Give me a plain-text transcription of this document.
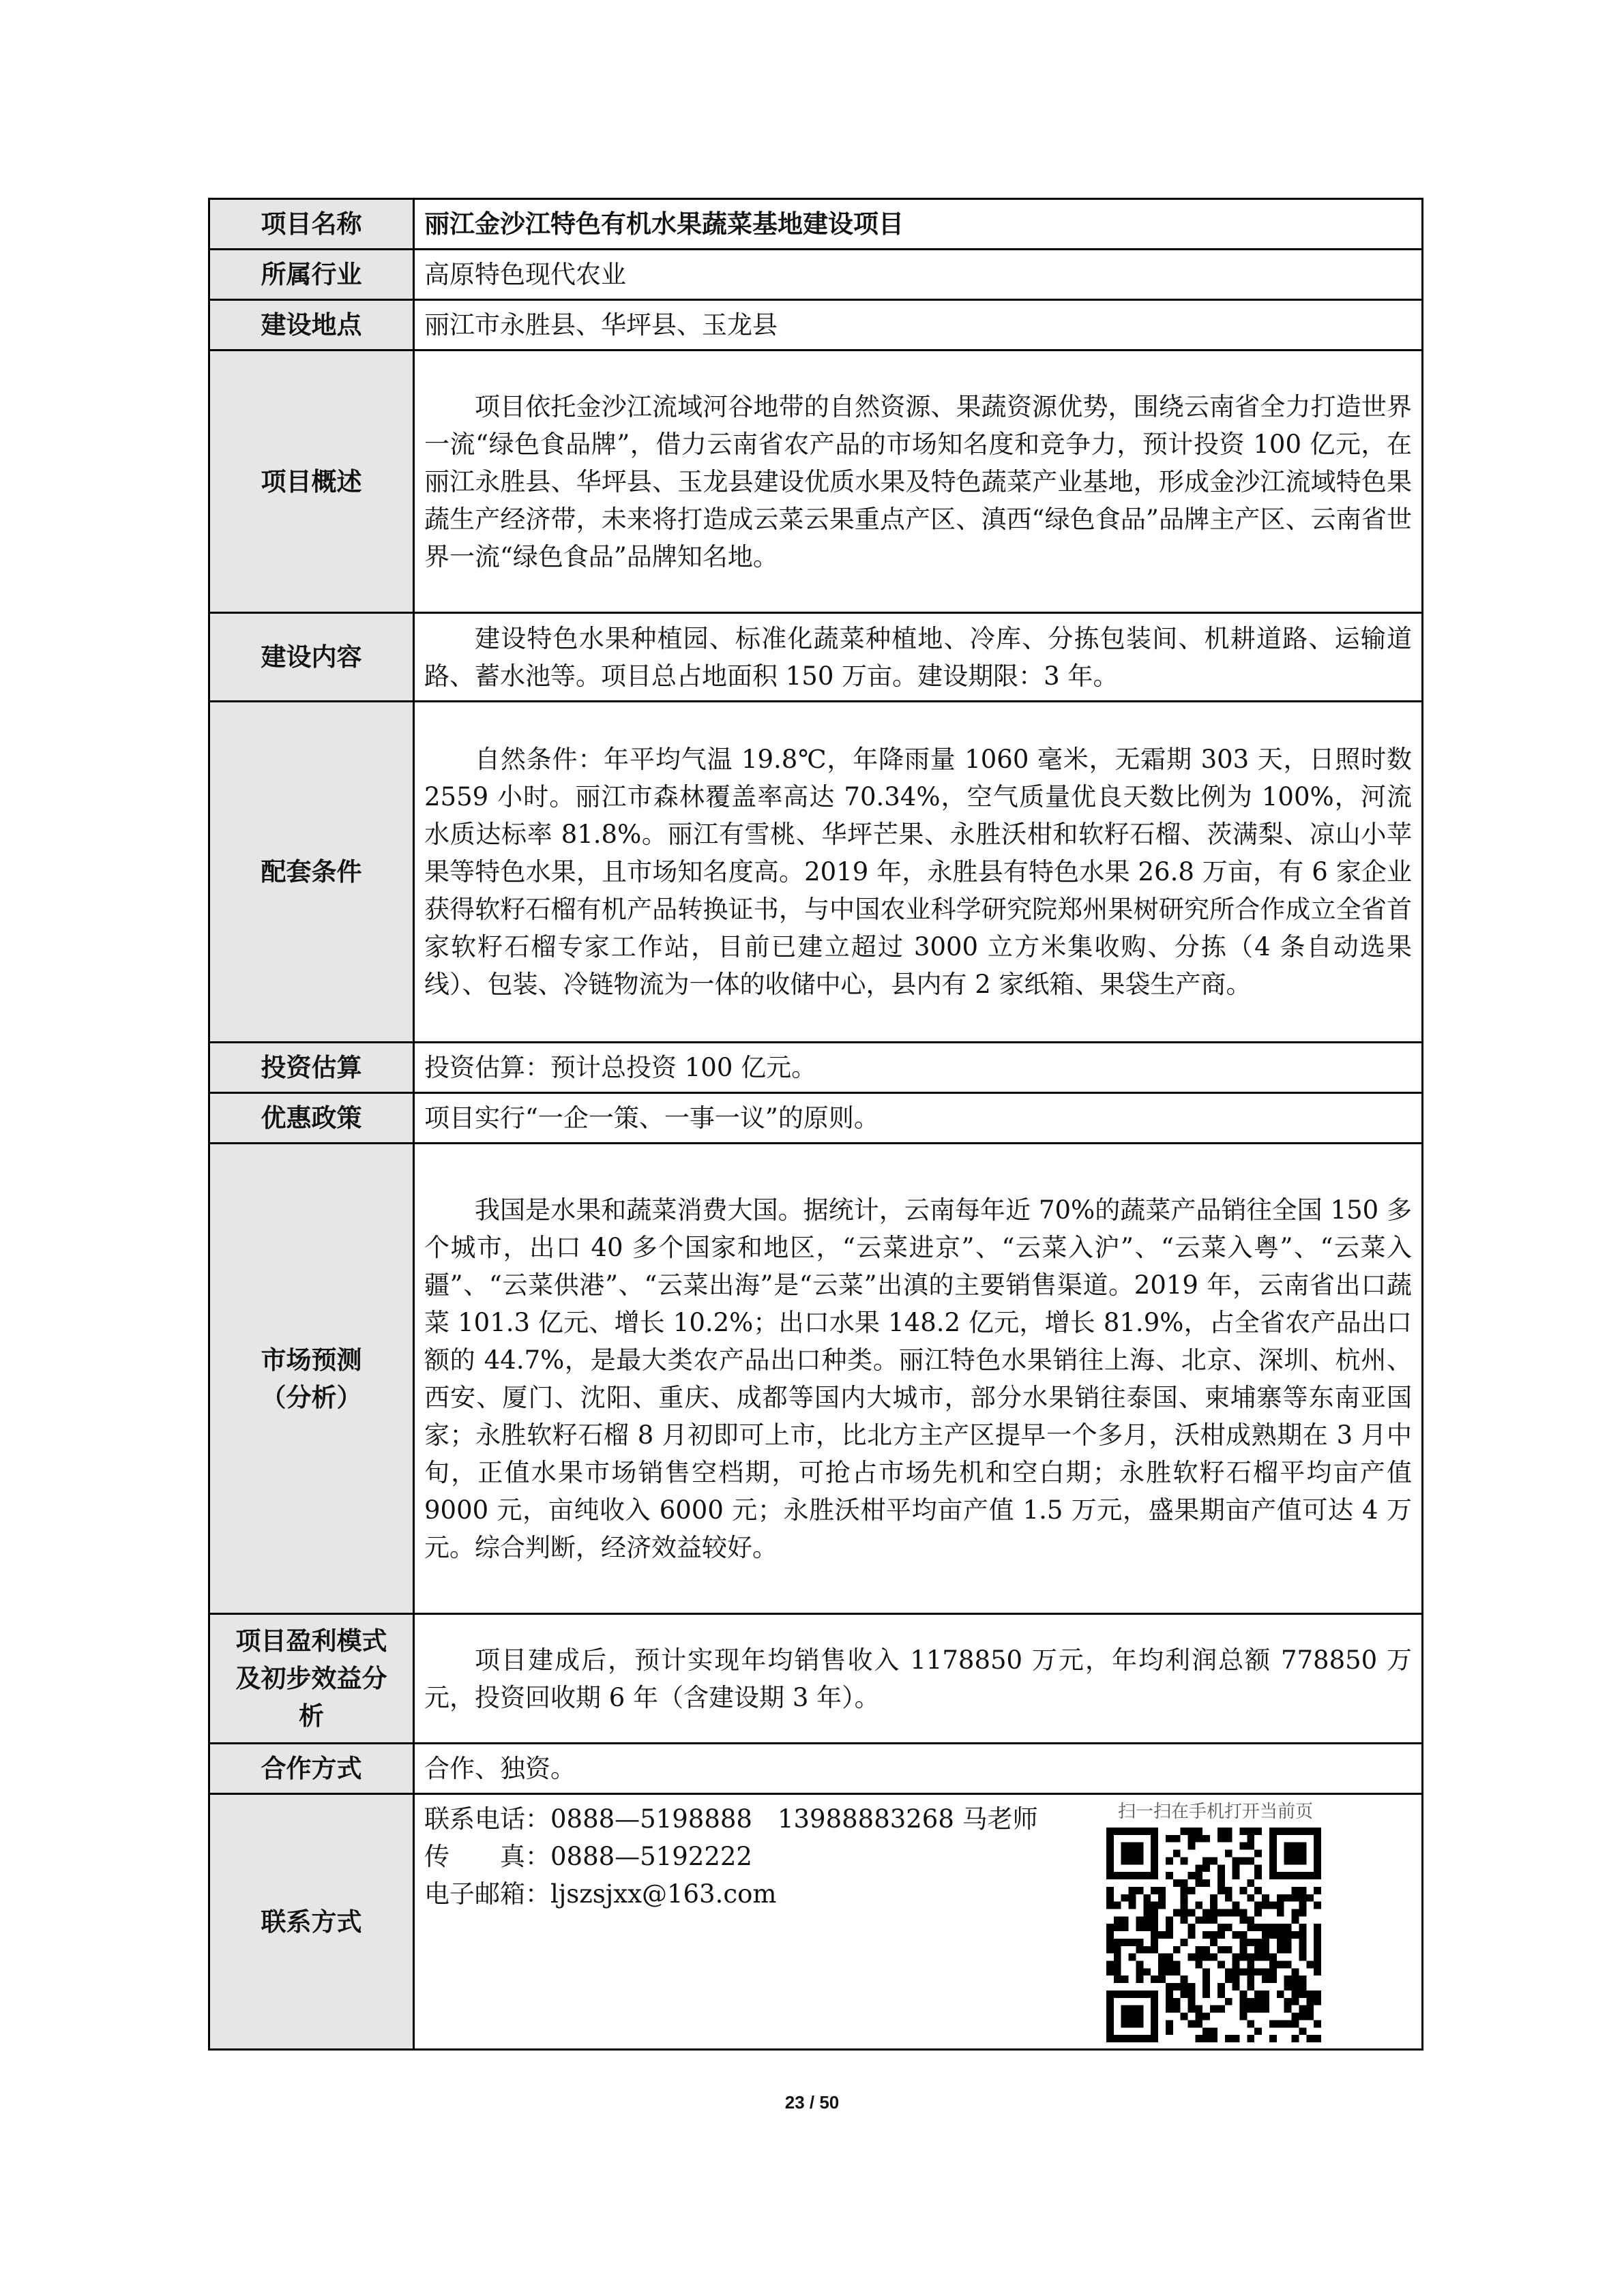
项目名称	丽江金沙江特色有机水果蔬菜基地建设项目
所属行业	高原特色现代农业
建设地点	丽江市永胜县、华坪县、玉龙县
项目概述	项目依托金沙江流域河谷地带的自然资源、果蔬资源优势，围绕云南省全力打造世界一流“绿色食品牌”，借力云南省农产品的市场知名度和竞争力，预计投资 100 亿元，在丽江永胜县、华坪县、玉龙县建设优质水果及特色蔬菜产业基地，形成金沙江流域特色果蔬生产经济带，未来将打造成云菜云果重点产区、滇西“绿色食品”品牌主产区、云南省世界一流“绿色食品”品牌知名地。

建设内容	建设特色水果种植园、标准化蔬菜种植地、冷库、分拣包装间、机耕道路、运输道路、蓄水池等。项目总占地面积 150 万亩。建设期限：3 年。

配套条件	自然条件：年平均气温 19.8℃，年降雨量 1060 毫米，无霜期 303 天，日照时数 2559 小时。丽江市森林覆盖率高达 70.34%，空气质量优良天数比例为 100%，河流水质达标率 81.8%。丽江有雪桃、华坪芒果、永胜沃柑和软籽石榴、茨满梨、凉山小苹果等特色水果，且市场知名度高。2019 年，永胜县有特色水果 26.8 万亩，有 6 家企业获得软籽石榴有机产品转换证书，与中国农业科学研究院郑州果树研究所合作成立全省首家软籽石榴专家工作站，目前已建立超过 3000 立方米集收购、分拣（4 条自动选果线）、包装、冷链物流为一体的收储中心，县内有 2 家纸箱、果袋生产商。

投资估算	投资估算：预计总投资 100 亿元。
优惠政策	项目实行“一企一策、一事一议”的原则。

市场预测
（分析）	我国是水果和蔬菜消费大国。据统计，云南每年近 70%的蔬菜产品销往全国 150 多个城市，出口 40 多个国家和地区，“云菜进京”、“云菜入沪”、“云菜入粤”、“云菜入疆”、“云菜供港”、“云菜出海”是“云菜”出滇的主要销售渠道。2019 年，云南省出口蔬菜 101.3 亿元、增长 10.2%；出口水果 148.2 亿元，增长 81.9%，占全省农产品出口额的 44.7%，是最大类农产品出口种类。丽江特色水果销往上海、北京、深圳、杭州、西安、厦门、沈阳、重庆、成都等国内大城市，部分水果销往泰国、柬埔寨等东南亚国家；永胜软籽石榴 8 月初即可上市，比北方主产区提早一个多月，沃柑成熟期在 3 月中旬，正值水果市场销售空档期，可抢占市场先机和空白期；永胜软籽石榴平均亩产值 9000 元，亩纯收入 6000 元；永胜沃柑平均亩产值 1.5 万元，盛果期亩产值可达 4 万元。综合判断，经济效益较好。

项目盈利模式
及初步效益分
析	项目建成后，预计实现年均销售收入 1178850 万元，年均利润总额 778850 万元，投资回收期 6 年（含建设期 3 年）。

合作方式	合作、独资。
联系方式	联系电话：0888—5198888　13988883268 马老师
传　　真：0888—5192222
电子邮箱：ljszsjxx@163.com
扫一扫在手机打开当前页
23 / 50
